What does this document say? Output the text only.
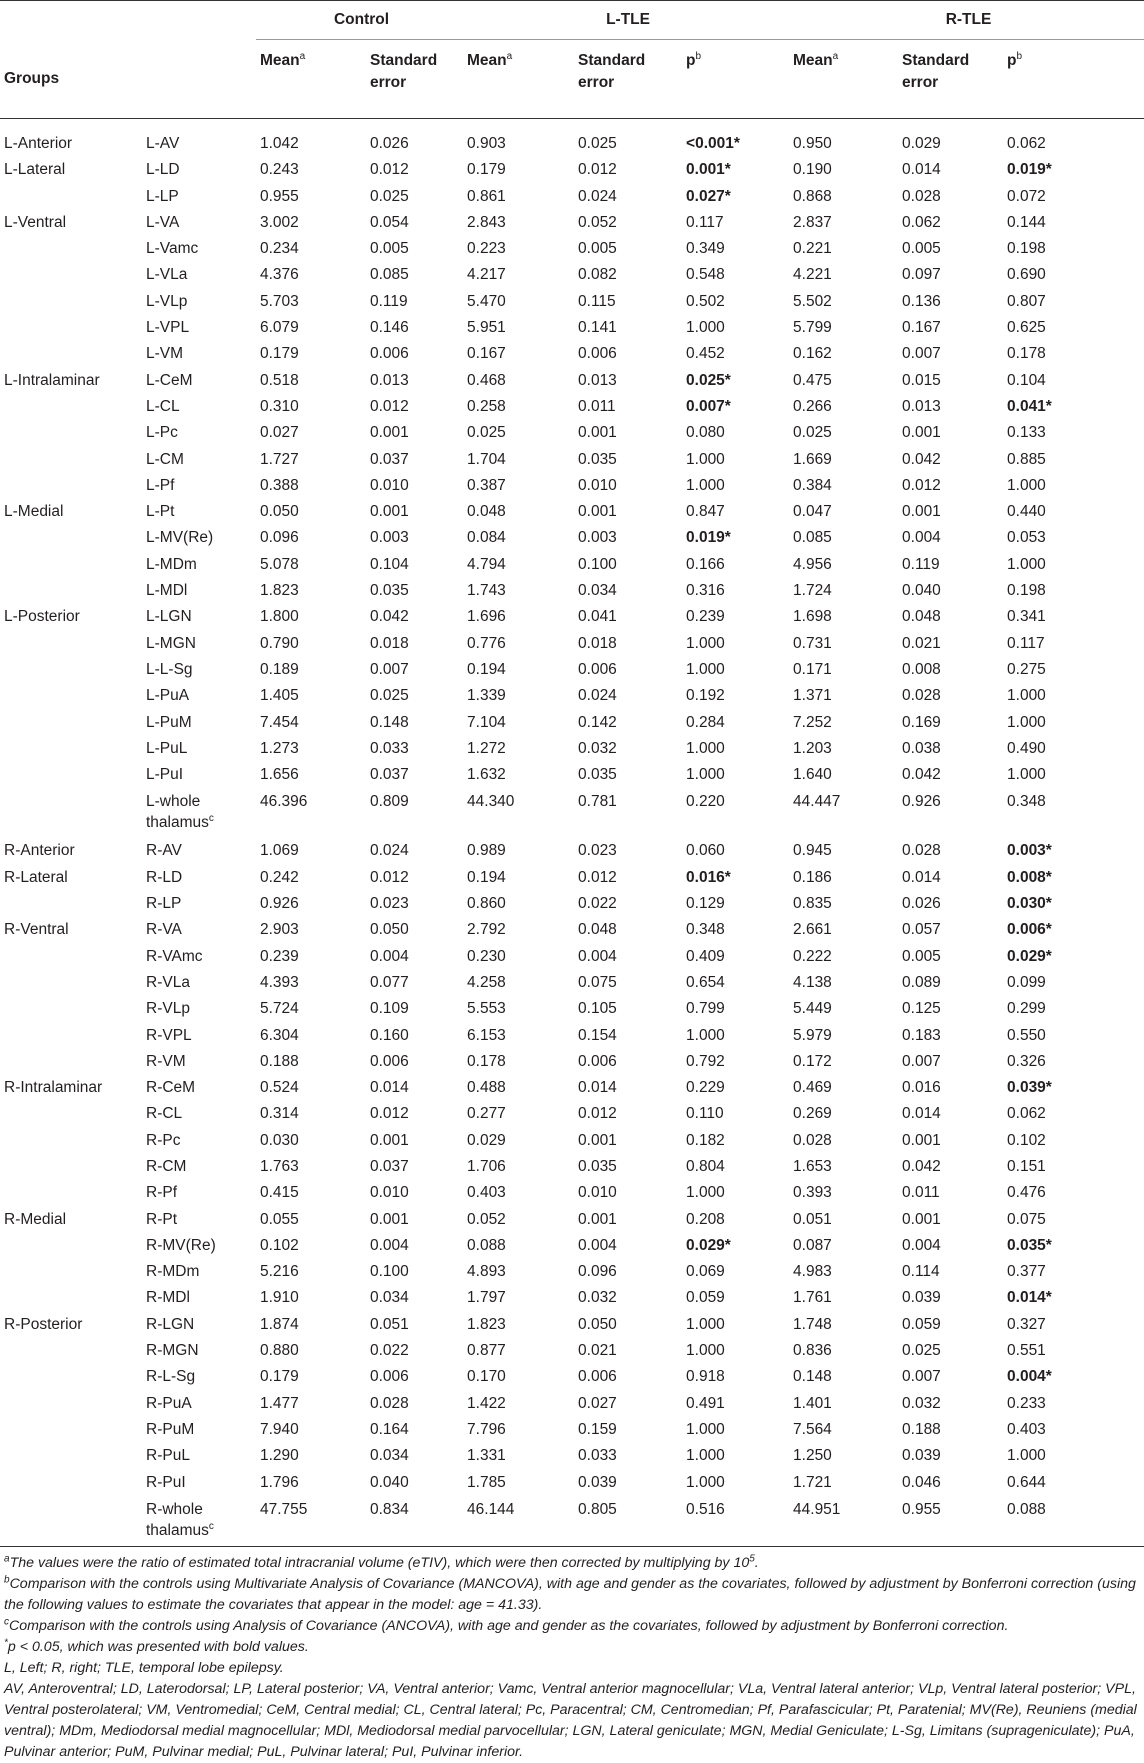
		Control		L-TLE			R-TLE		
Groups		Mean$^a$	Standard error	Mean$^a$	Standard error	$p^b$	Mean$^a$	Standard error	$p^b$
L-Anterior	L-AV	1.042	0.026	0.903	0.025	<0.001*	0.950	0.029	0.062
L-Lateral	L-LD	0.243	0.012	0.179	0.012	0.001*	0.190	0.014	0.019*
	L-LP	0.955	0.025	0.861	0.024	0.027*	0.868	0.028	0.072
L-Ventral	L-VA	3.002	0.054	2.843	0.052	0.117	2.837	0.062	0.144
	L-Vamc	0.234	0.005	0.223	0.005	0.349	0.221	0.005	0.198
	L-VLa	4.376	0.085	4.217	0.082	0.548	4.221	0.097	0.690
	L-VLp	5.703	0.119	5.470	0.115	0.502	5.502	0.136	0.807
	L-VPL	6.079	0.146	5.951	0.141	1.000	5.799	0.167	0.625
	L-VM	0.179	0.006	0.167	0.006	0.452	0.162	0.007	0.178
L-Intralaminar	L-CeM	0.518	0.013	0.468	0.013	0.025*	0.475	0.015	0.104
	L-CL	0.310	0.012	0.258	0.011	0.007*	0.266	0.013	0.041*
	L-Pc	0.027	0.001	0.025	0.001	0.080	0.025	0.001	0.133
	L-CM	1.727	0.037	1.704	0.035	1.000	1.669	0.042	0.885
	L-Pf	0.388	0.010	0.387	0.010	1.000	0.384	0.012	1.000
L-Medial	L-Pt	0.050	0.001	0.048	0.001	0.847	0.047	0.001	0.440
	L-MV(Re)	0.096	0.003	0.084	0.003	0.019*	0.085	0.004	0.053
	L-MDm	5.078	0.104	4.794	0.100	0.166	4.956	0.119	1.000
	L-MDl	1.823	0.035	1.743	0.034	0.316	1.724	0.040	0.198
L-Posterior	L-LGN	1.800	0.042	1.696	0.041	0.239	1.698	0.048	0.341
	L-MGN	0.790	0.018	0.776	0.018	1.000	0.731	0.021	0.117
	L-L-Sg	0.189	0.007	0.194	0.006	1.000	0.171	0.008	0.275
	L-PuA	1.405	0.025	1.339	0.024	0.192	1.371	0.028	1.000
	L-PuM	7.454	0.148	7.104	0.142	0.284	7.252	0.169	1.000
	L-PuL	1.273	0.033	1.272	0.032	1.000	1.203	0.038	0.490
	L-PuI	1.656	0.037	1.632	0.035	1.000	1.640	0.042	1.000
	L-whole
thalamus$^c$	46.396	0.809	44.340	0.781	0.220	44.447	0.926	0.348
R-Anterior	R-AV	1.069	0.024	0.989	0.023	0.060	0.945	0.028	0.003*
R-Lateral	R-LD	0.242	0.012	0.194	0.012	0.016*	0.186	0.014	0.008*
	R-LP	0.926	0.023	0.860	0.022	0.129	0.835	0.026	0.030*
R-Ventral	R-VA	2.903	0.050	2.792	0.048	0.348	2.661	0.057	0.006*
	R-VAmc	0.239	0.004	0.230	0.004	0.409	0.222	0.005	0.029*
	R-VLa	4.393	0.077	4.258	0.075	0.654	4.138	0.089	0.099
	R-VLp	5.724	0.109	5.553	0.105	0.799	5.449	0.125	0.299
	R-VPL	6.304	0.160	6.153	0.154	1.000	5.979	0.183	0.550
	R-VM	0.188	0.006	0.178	0.006	0.792	0.172	0.007	0.326
R-Intralaminar	R-CeM	0.524	0.014	0.488	0.014	0.229	0.469	0.016	0.039*
	R-CL	0.314	0.012	0.277	0.012	0.110	0.269	0.014	0.062
	R-Pc	0.030	0.001	0.029	0.001	0.182	0.028	0.001	0.102
	R-CM	1.763	0.037	1.706	0.035	0.804	1.653	0.042	0.151
	R-Pf	0.415	0.010	0.403	0.010	1.000	0.393	0.011	0.476
R-Medial	R-Pt	0.055	0.001	0.052	0.001	0.208	0.051	0.001	0.075
	R-MV(Re)	0.102	0.004	0.088	0.004	0.029*	0.087	0.004	0.035*
	R-MDm	5.216	0.100	4.893	0.096	0.069	4.983	0.114	0.377
	R-MDl	1.910	0.034	1.797	0.032	0.059	1.761	0.039	0.014*
R-Posterior	R-LGN	1.874	0.051	1.823	0.050	1.000	1.748	0.059	0.327
	R-MGN	0.880	0.022	0.877	0.021	1.000	0.836	0.025	0.551
	R-L-Sg	0.179	0.006	0.170	0.006	0.918	0.148	0.007	0.004*
	R-PuA	1.477	0.028	1.422	0.027	0.491	1.401	0.032	0.233
	R-PuM	7.940	0.164	7.796	0.159	1.000	7.564	0.188	0.403
	R-PuL	1.290	0.034	1.331	0.033	1.000	1.250	0.039	1.000
	R-PuI	1.796	0.040	1.785	0.039	1.000	1.721	0.046	0.644
	R-whole
thalamus$^c$	47.755	0.834	46.144	0.805	0.516	44.951	0.955	0.088

$^a$The values were the ratio of estimated total intracranial volume (eTIV), which were then corrected by multiplying by $10^5$.

$^b$Comparison with the controls using Multivariate Analysis of Covariance (MANCOVA), with age and gender as the covariates, followed by adjustment by Bonferroni correction (using the following values to estimate the covariates that appear in the model: age = 41.33).

$^c$Comparison with the controls using Analysis of Covariance (ANCOVA), with age and gender as the covariates, followed by adjustment by Bonferroni correction.

*p < 0.05, which was presented with bold values.

L, Left; R, right; TLE, temporal lobe epilepsy.

AV, Anteroventral; LD, Laterodorsal; LP, Lateral posterior; VA, Ventral anterior; Vamc, Ventral anterior magnocellular; VLa, Ventral lateral anterior; VLp, Ventral lateral posterior; VPL, Ventral posterolateral; VM, Ventromedial; CeM, Central medial; CL, Central lateral; Pc, Paracentral; CM, Centromedian; Pf, Parafascicular; Pt, Paratenial; MV(Re), Reuniens (medial ventral); MDm, Mediodorsal medial magnocellular; MDl, Mediodorsal medial parvocellular; LGN, Lateral geniculate; MGN, Medial Geniculate; L-Sg, Limitans (suprageniculate); PuA, Pulvinar anterior; PuM, Pulvinar medial; PuL, Pulvinar lateral; PuI, Pulvinar inferior.
